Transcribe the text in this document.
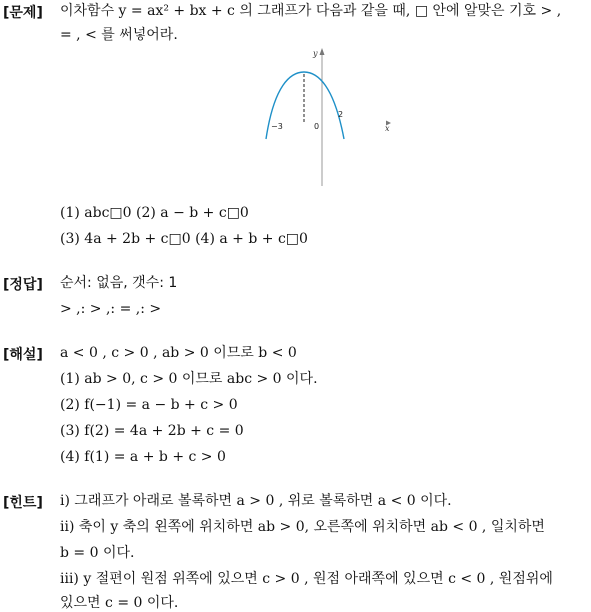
[문제] 이차함수 y = ax² + bx + c 의 그래프가 다음과 같을 때, □ 안에 알맞은 기호 > ,
= , < 를 써넣어라.
y
x
−3	0
2
(1) abc□0 (2) a − b + c□0
(3) 4a + 2b + c□0 (4) a + b + c□0
[정답] 순서: 없음, 갯수: 1
> ,: > ,: = ,: >
[해설] a < 0 , c > 0 , ab > 0 이므로 b < 0
(1) ab > 0, c > 0 이므로 abc > 0 이다.
(2) f(−1) = a − b + c > 0
(3) f(2) = 4a + 2b + c = 0
(4) f(1) = a + b + c > 0
[힌트] ⅰ) 그래프가 아래로 볼록하면 a > 0 , 위로 볼록하면 a < 0 이다.
ⅱ) 축이 y 축의 왼쪽에 위치하면 ab > 0, 오른쪽에 위치하면 ab < 0 , 일치하면
b = 0 이다.
ⅲ) y 절편이 원점 위쪽에 있으면 c > 0 , 원점 아래쪽에 있으면 c < 0 , 원점위에
있으면 c = 0 이다.
